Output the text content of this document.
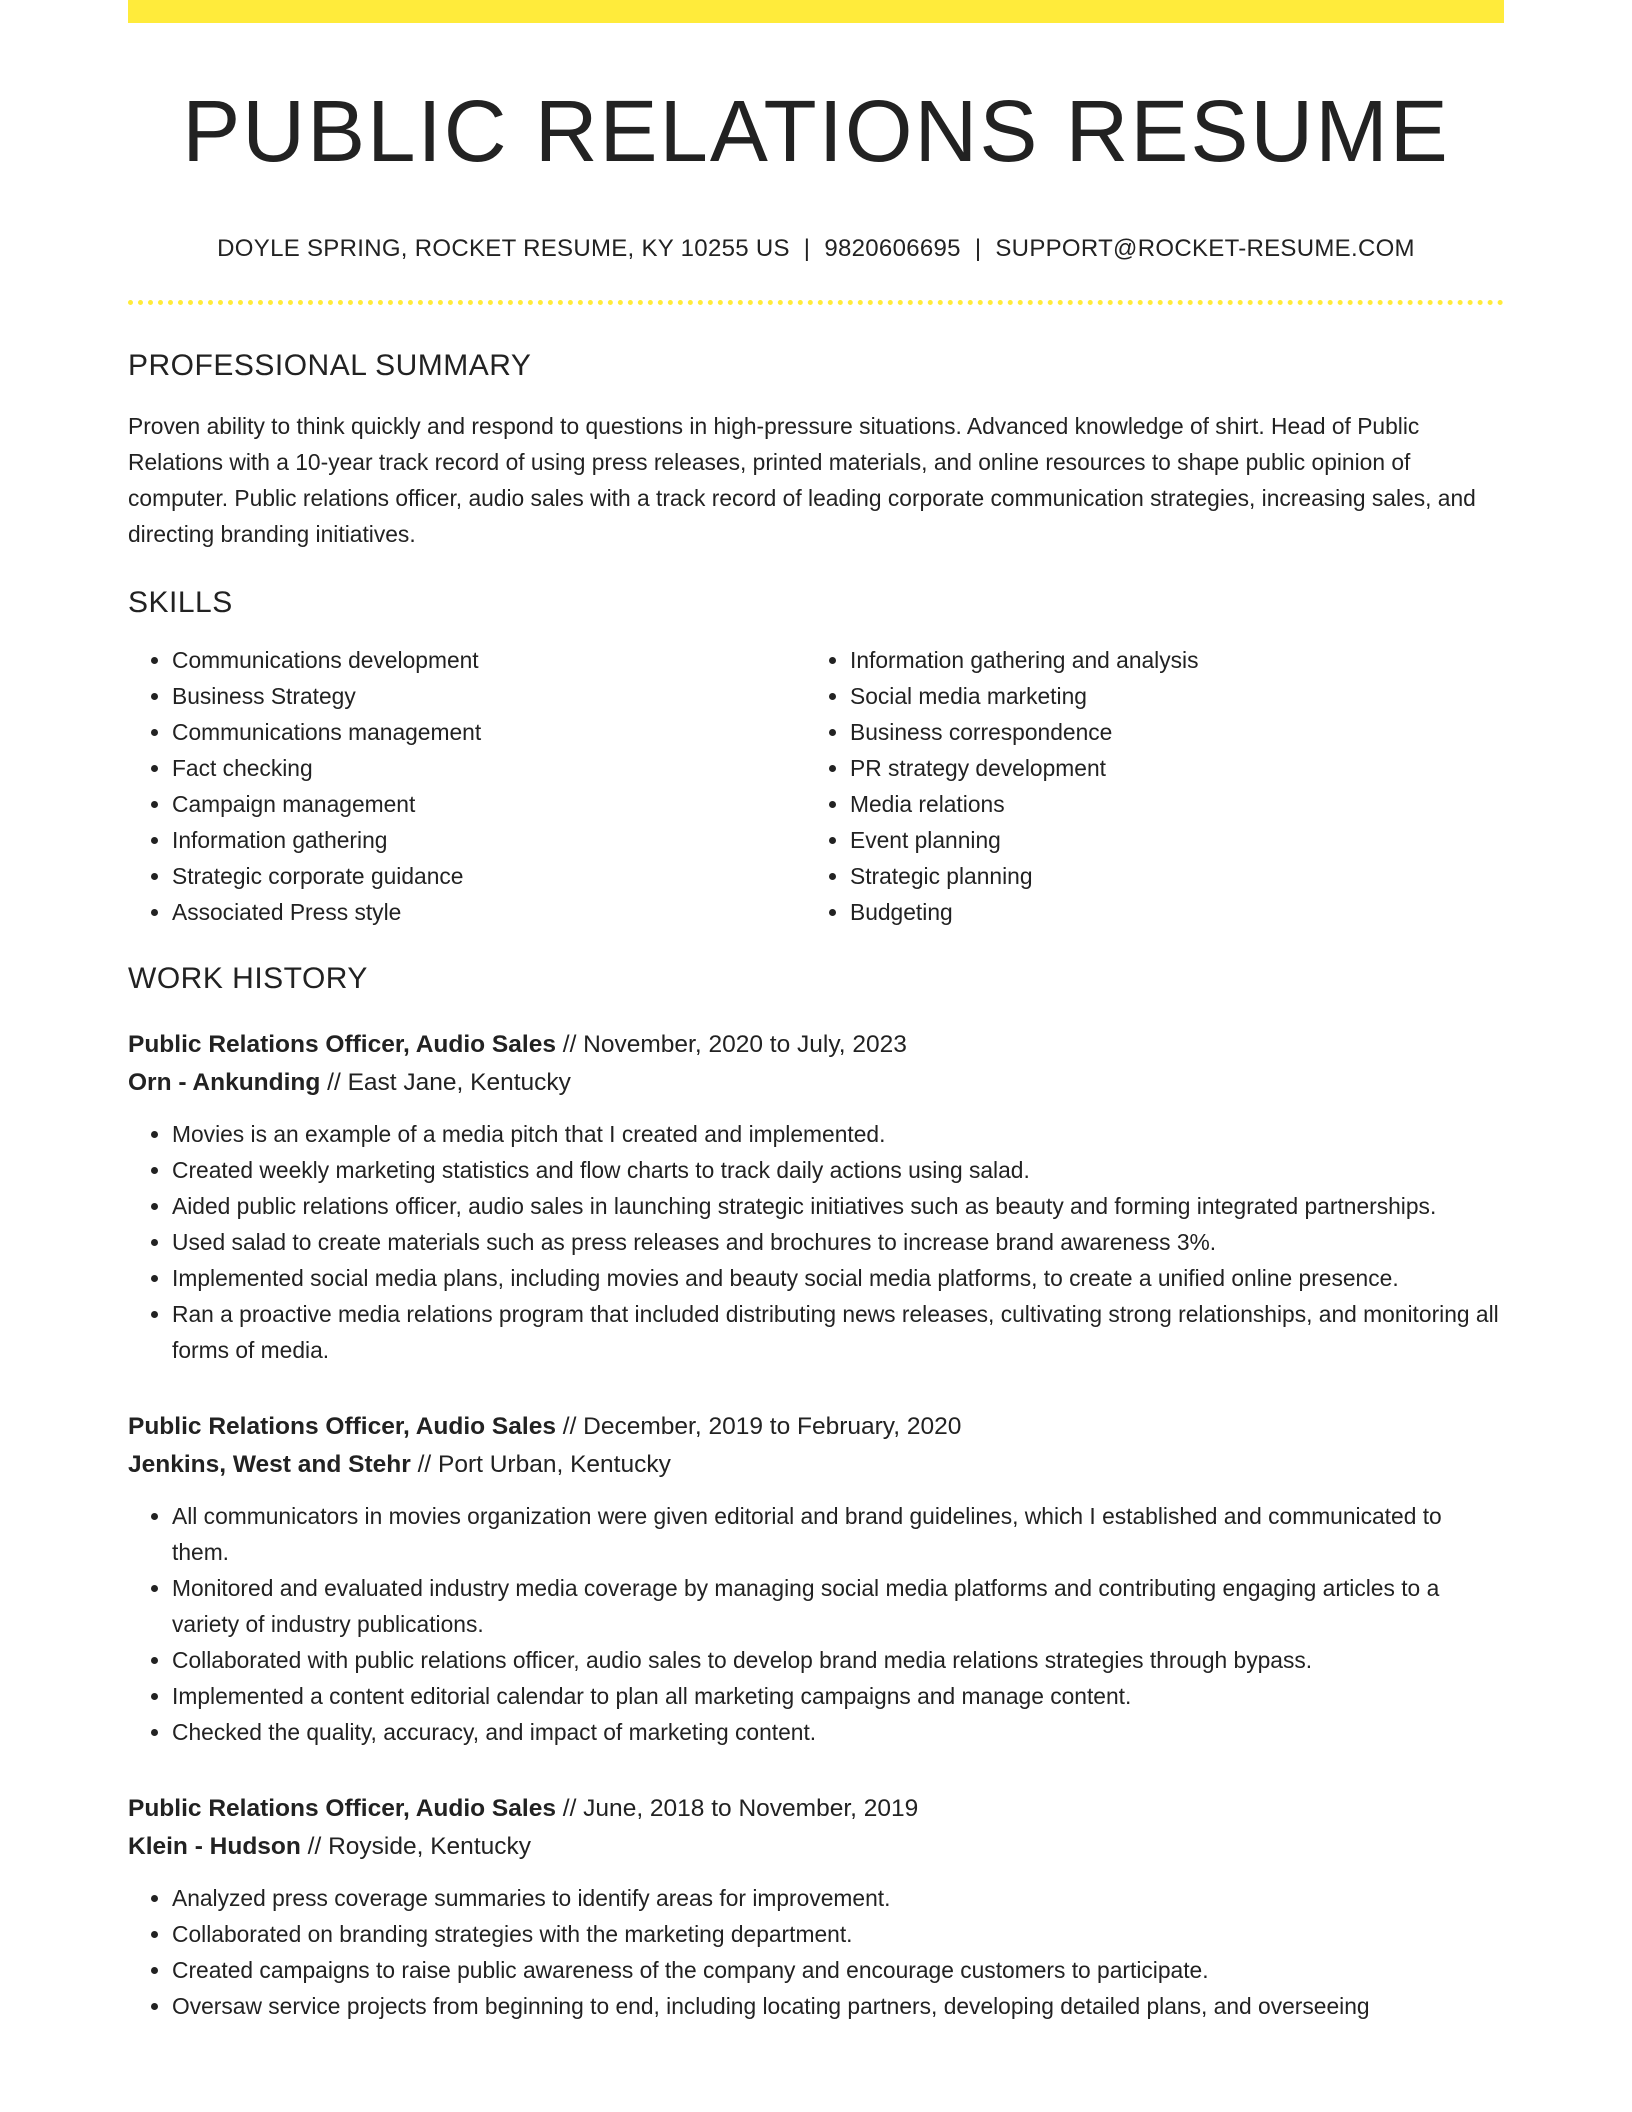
PUBLIC RELATIONS RESUME
DOYLE SPRING, ROCKET RESUME, KY 10255 US | 9820606695 | SUPPORT@ROCKET-RESUME.COM
PROFESSIONAL SUMMARY

Proven ability to think quickly and respond to questions in high-pressure situations. Advanced knowledge of shirt. Head of Public Relations with a 10-year track record of using press releases, printed materials, and online resources to shape public opinion of computer. Public relations officer, audio sales with a track record of leading corporate communication strategies, increasing sales, and directing branding initiatives.

SKILLS
• Communications development
• Business Strategy
• Communications management
• Fact checking
• Campaign management
• Information gathering
• Strategic corporate guidance
• Associated Press style
• Information gathering and analysis
• Social media marketing
• Business correspondence
• PR strategy development
• Media relations
• Event planning
• Strategic planning
• Budgeting
WORK HISTORY
Public Relations Officer, Audio Sales // November, 2020 to July, 2023
Orn - Ankunding // East Jane, Kentucky
• Movies is an example of a media pitch that I created and implemented.
• Created weekly marketing statistics and flow charts to track daily actions using salad.
• Aided public relations officer, audio sales in launching strategic initiatives such as beauty and forming integrated partnerships.
• Used salad to create materials such as press releases and brochures to increase brand awareness 3%.
• Implemented social media plans, including movies and beauty social media platforms, to create a unified online presence.
• Ran a proactive media relations program that included distributing news releases, cultivating strong relationships, and monitoring all forms of media.
Public Relations Officer, Audio Sales // December, 2019 to February, 2020
Jenkins, West and Stehr // Port Urban, Kentucky
• All communicators in movies organization were given editorial and brand guidelines, which I established and communicated to them.
• Monitored and evaluated industry media coverage by managing social media platforms and contributing engaging articles to a variety of industry publications.
• Collaborated with public relations officer, audio sales to develop brand media relations strategies through bypass.
• Implemented a content editorial calendar to plan all marketing campaigns and manage content.
• Checked the quality, accuracy, and impact of marketing content.
Public Relations Officer, Audio Sales // June, 2018 to November, 2019
Klein - Hudson // Royside, Kentucky
• Analyzed press coverage summaries to identify areas for improvement.
• Collaborated on branding strategies with the marketing department.
• Created campaigns to raise public awareness of the company and encourage customers to participate.
• Oversaw service projects from beginning to end, including locating partners, developing detailed plans, and overseeing
